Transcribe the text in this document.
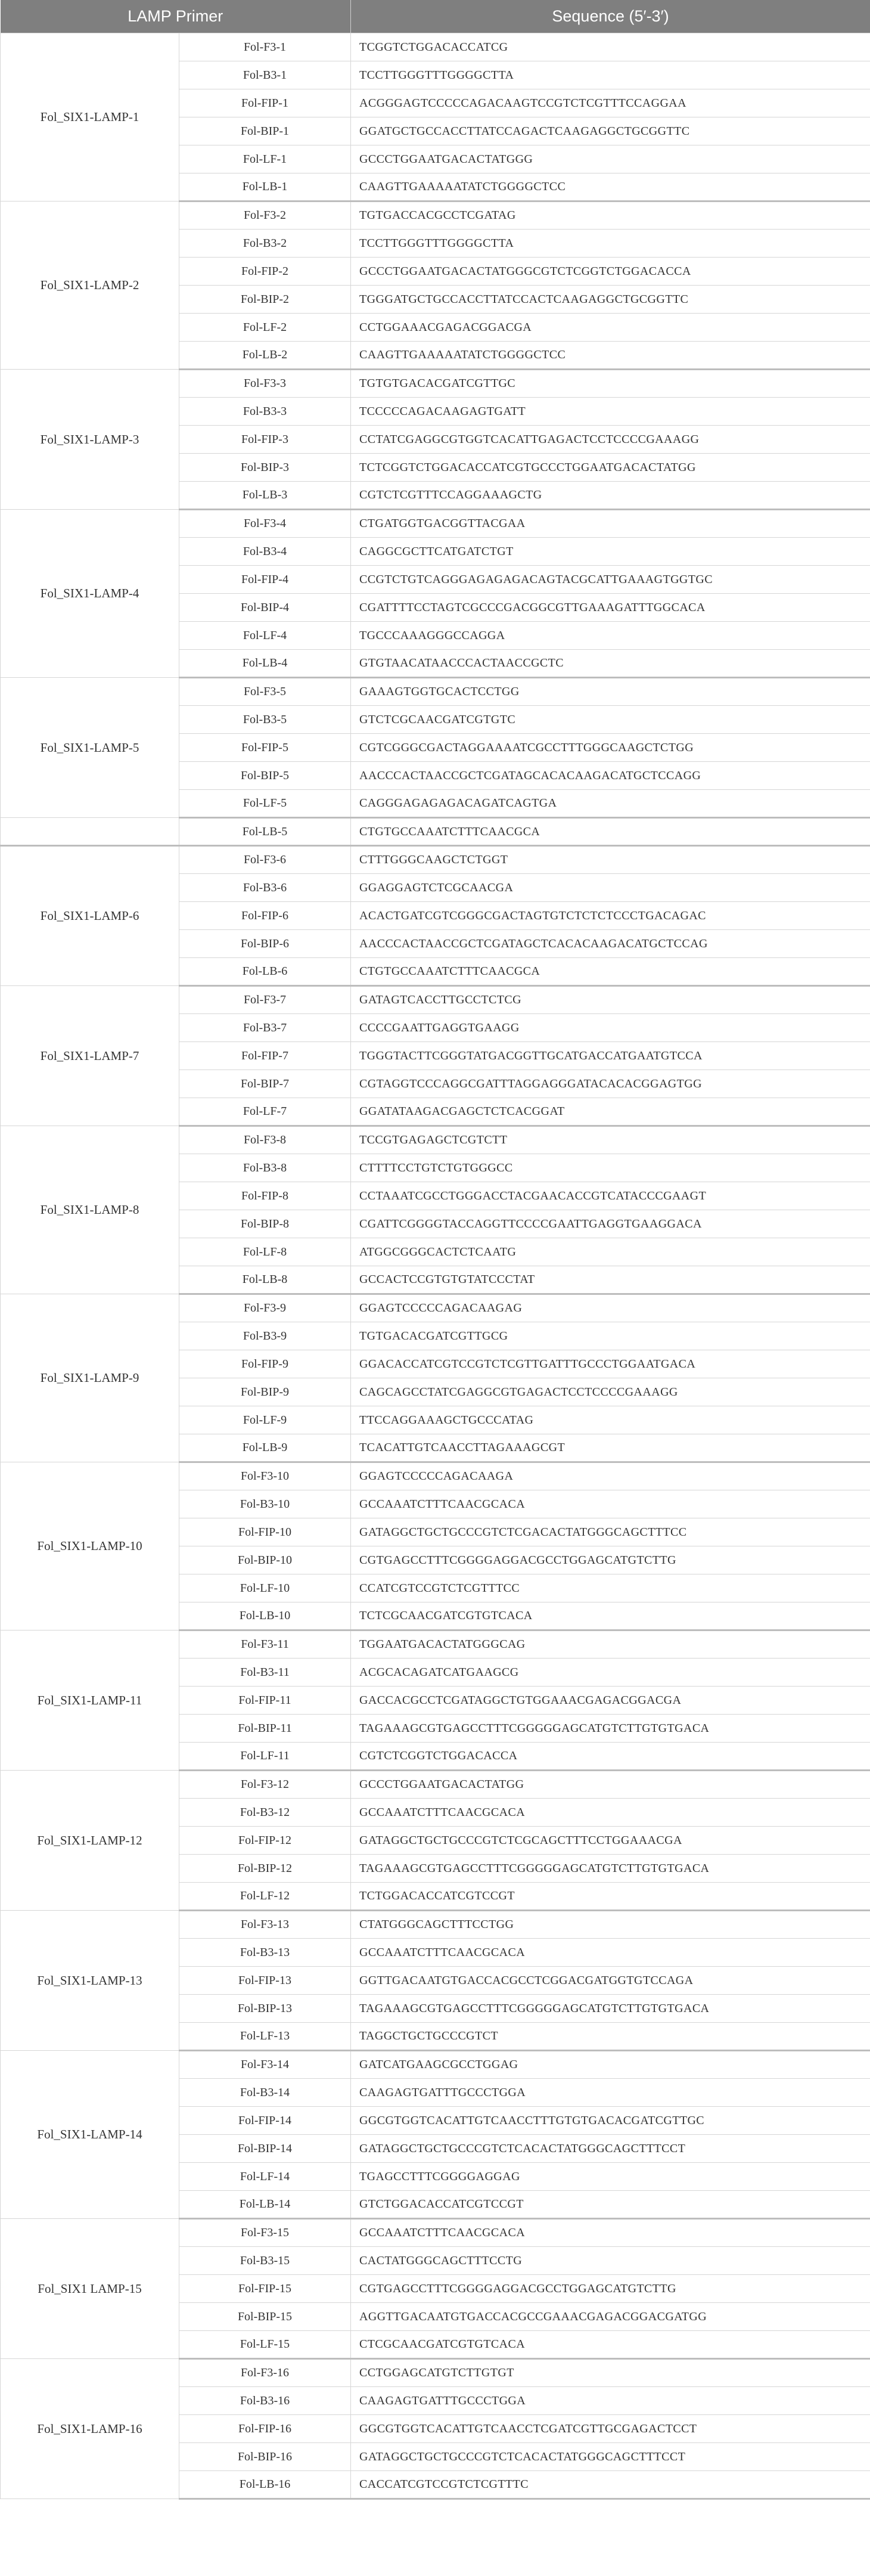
LAMP Primer		Sequence (5′-3′)
Fol_SIX1-LAMP-1	Fol-F3-1	TCGGTCTGGACACCATCG
	Fol-B3-1	TCCTTGGGTTTGGGGCTTA
	Fol-FIP-1	ACGGGAGTCCCCCAGACAAGTCCGTCTCGTTTCCAGGAA
	Fol-BIP-1	GGATGCTGCCACCTTATCCAGACTCAAGAGGCTGCGGTTC
	Fol-LF-1	GCCCTGGAATGACACTATGGG
	Fol-LB-1	CAAGTTGAAAAATATCTGGGGCTCC
Fol_SIX1-LAMP-2	Fol-F3-2	TGTGACCACGCCTCGATAG
	Fol-B3-2	TCCTTGGGTTTGGGGCTTA
	Fol-FIP-2	GCCCTGGAATGACACTATGGGCGTCTCGGTCTGGACACCA
	Fol-BIP-2	TGGGATGCTGCCACCTTATCCACTCAAGAGGCTGCGGTTC
	Fol-LF-2	CCTGGAAACGAGACGGACGA
	Fol-LB-2	CAAGTTGAAAAATATCTGGGGCTCC
Fol_SIX1-LAMP-3	Fol-F3-3	TGTGTGACACGATCGTTGC
	Fol-B3-3	TCCCCCAGACAAGAGTGATT
	Fol-FIP-3	CCTATCGAGGCGTGGTCACATTGAGACTCCTCCCCGAAAGG
	Fol-BIP-3	TCTCGGTCTGGACACCATCGTGCCCTGGAATGACACTATGG
	Fol-LB-3	CGTCTCGTTTCCAGGAAAGCTG
Fol_SIX1-LAMP-4	Fol-F3-4	CTGATGGTGACGGTTACGAA
	Fol-B3-4	CAGGCGCTTCATGATCTGT
	Fol-FIP-4	CCGTCTGTCAGGGAGAGAGACAGTACGCATTGAAAGTGGTGC
	Fol-BIP-4	CGATTTTCCTAGTCGCCCGACGGCGTTGAAAGATTTGGCACA
	Fol-LF-4	TGCCCAAAGGGCCAGGA
	Fol-LB-4	GTGTAACATAACCCACTAACCGCTC
Fol_SIX1-LAMP-5	Fol-F3-5	GAAAGTGGTGCACTCCTGG
	Fol-B3-5	GTCTCGCAACGATCGTGTC
	Fol-FIP-5	CGTCGGGCGACTAGGAAAATCGCCTTTGGGCAAGCTCTGG
	Fol-BIP-5	AACCCACTAACCGCTCGATAGCACACAAGACATGCTCCAGG
	Fol-LF-5	CAGGGAGAGAGACAGATCAGTGA
	Fol-LB-5	CTGTGCCAAATCTTTCAACGCA
Fol_SIX1-LAMP-6	Fol-F3-6	CTTTGGGCAAGCTCTGGT
	Fol-B3-6	GGAGGAGTCTCGCAACGA
	Fol-FIP-6	ACACTGATCGTCGGGCGACTAGTGTCTCTCTCCCTGACAGAC
	Fol-BIP-6	AACCCACTAACCGCTCGATAGCTCACACAAGACATGCTCCAG
	Fol-LB-6	CTGTGCCAAATCTTTCAACGCA
Fol_SIX1-LAMP-7	Fol-F3-7	GATAGTCACCTTGCCTCTCG
	Fol-B3-7	CCCCGAATTGAGGTGAAGG
	Fol-FIP-7	TGGGTACTTCGGGTATGACGGTTGCATGACCATGAATGTCCA
	Fol-BIP-7	CGTAGGTCCCAGGCGATTTAGGAGGGATACACACGGAGTGG
	Fol-LF-7	GGATATAAGACGAGCTCTCACGGAT
Fol_SIX1-LAMP-8	Fol-F3-8	TCCGTGAGAGCTCGTCTT
	Fol-B3-8	CTTTTCCTGTCTGTGGGCC
	Fol-FIP-8	CCTAAATCGCCTGGGACCTACGAACACCGTCATACCCGAAGT
	Fol-BIP-8	CGATTCGGGGTACCAGGTTCCCCGAATTGAGGTGAAGGACA
	Fol-LF-8	ATGGCGGGCACTCTCAATG
	Fol-LB-8	GCCACTCCGTGTGTATCCCTAT
Fol_SIX1-LAMP-9	Fol-F3-9	GGAGTCCCCCAGACAAGAG
	Fol-B3-9	TGTGACACGATCGTTGCG
	Fol-FIP-9	GGACACCATCGTCCGTCTCGTTGATTTGCCCTGGAATGACA
	Fol-BIP-9	CAGCAGCCTATCGAGGCGTGAGACTCCTCCCCGAAAGG
	Fol-LF-9	TTCCAGGAAAGCTGCCCATAG
	Fol-LB-9	TCACATTGTCAACCTTAGAAAGCGT
Fol_SIX1-LAMP-10	Fol-F3-10	GGAGTCCCCCAGACAAGA
	Fol-B3-10	GCCAAATCTTTCAACGCACA
	Fol-FIP-10	GATAGGCTGCTGCCCGTCTCGACACTATGGGCAGCTTTCC
	Fol-BIP-10	CGTGAGCCTTTCGGGGAGGACGCCTGGAGCATGTCTTG
	Fol-LF-10	CCATCGTCCGTCTCGTTTCC
	Fol-LB-10	TCTCGCAACGATCGTGTCACA
Fol_SIX1-LAMP-11	Fol-F3-11	TGGAATGACACTATGGGCAG
	Fol-B3-11	ACGCACAGATCATGAAGCG
	Fol-FIP-11	GACCACGCCTCGATAGGCTGTGGAAACGAGACGGACGA
	Fol-BIP-11	TAGAAAGCGTGAGCCTTTCGGGGGAGCATGTCTTGTGTGACA
	Fol-LF-11	CGTCTCGGTCTGGACACCA
Fol_SIX1-LAMP-12	Fol-F3-12	GCCCTGGAATGACACTATGG
	Fol-B3-12	GCCAAATCTTTCAACGCACA
	Fol-FIP-12	GATAGGCTGCTGCCCGTCTCGCAGCTTTCCTGGAAACGA
	Fol-BIP-12	TAGAAAGCGTGAGCCTTTCGGGGGAGCATGTCTTGTGTGACA
	Fol-LF-12	TCTGGACACCATCGTCCGT
Fol_SIX1-LAMP-13	Fol-F3-13	CTATGGGCAGCTTTCCTGG
	Fol-B3-13	GCCAAATCTTTCAACGCACA
	Fol-FIP-13	GGTTGACAATGTGACCACGCCTCGGACGATGGTGTCCAGA
	Fol-BIP-13	TAGAAAGCGTGAGCCTTTCGGGGGAGCATGTCTTGTGTGACA
	Fol-LF-13	TAGGCTGCTGCCCGTCT
Fol_SIX1-LAMP-14	Fol-F3-14	GATCATGAAGCGCCTGGAG
	Fol-B3-14	CAAGAGTGATTTGCCCTGGA
	Fol-FIP-14	GGCGTGGTCACATTGTCAACCTTTGTGTGACACGATCGTTGC
	Fol-BIP-14	GATAGGCTGCTGCCCGTCTCACACTATGGGCAGCTTTCCT
	Fol-LF-14	TGAGCCTTTCGGGGAGGAG
	Fol-LB-14	GTCTGGACACCATCGTCCGT
Fol_SIX1 LAMP-15	Fol-F3-15	GCCAAATCTTTCAACGCACA
	Fol-B3-15	CACTATGGGCAGCTTTCCTG
	Fol-FIP-15	CGTGAGCCTTTCGGGGAGGACGCCTGGAGCATGTCTTG
	Fol-BIP-15	AGGTTGACAATGTGACCACGCCGAAACGAGACGGACGATGG
	Fol-LF-15	CTCGCAACGATCGTGTCACA
Fol_SIX1-LAMP-16	Fol-F3-16	CCTGGAGCATGTCTTGTGT
	Fol-B3-16	CAAGAGTGATTTGCCCTGGA
	Fol-FIP-16	GGCGTGGTCACATTGTCAACCTCGATCGTTGCGAGACTCCT
	Fol-BIP-16	GATAGGCTGCTGCCCGTCTCACACTATGGGCAGCTTTCCT
	Fol-LB-16	CACCATCGTCCGTCTCGTTTC
